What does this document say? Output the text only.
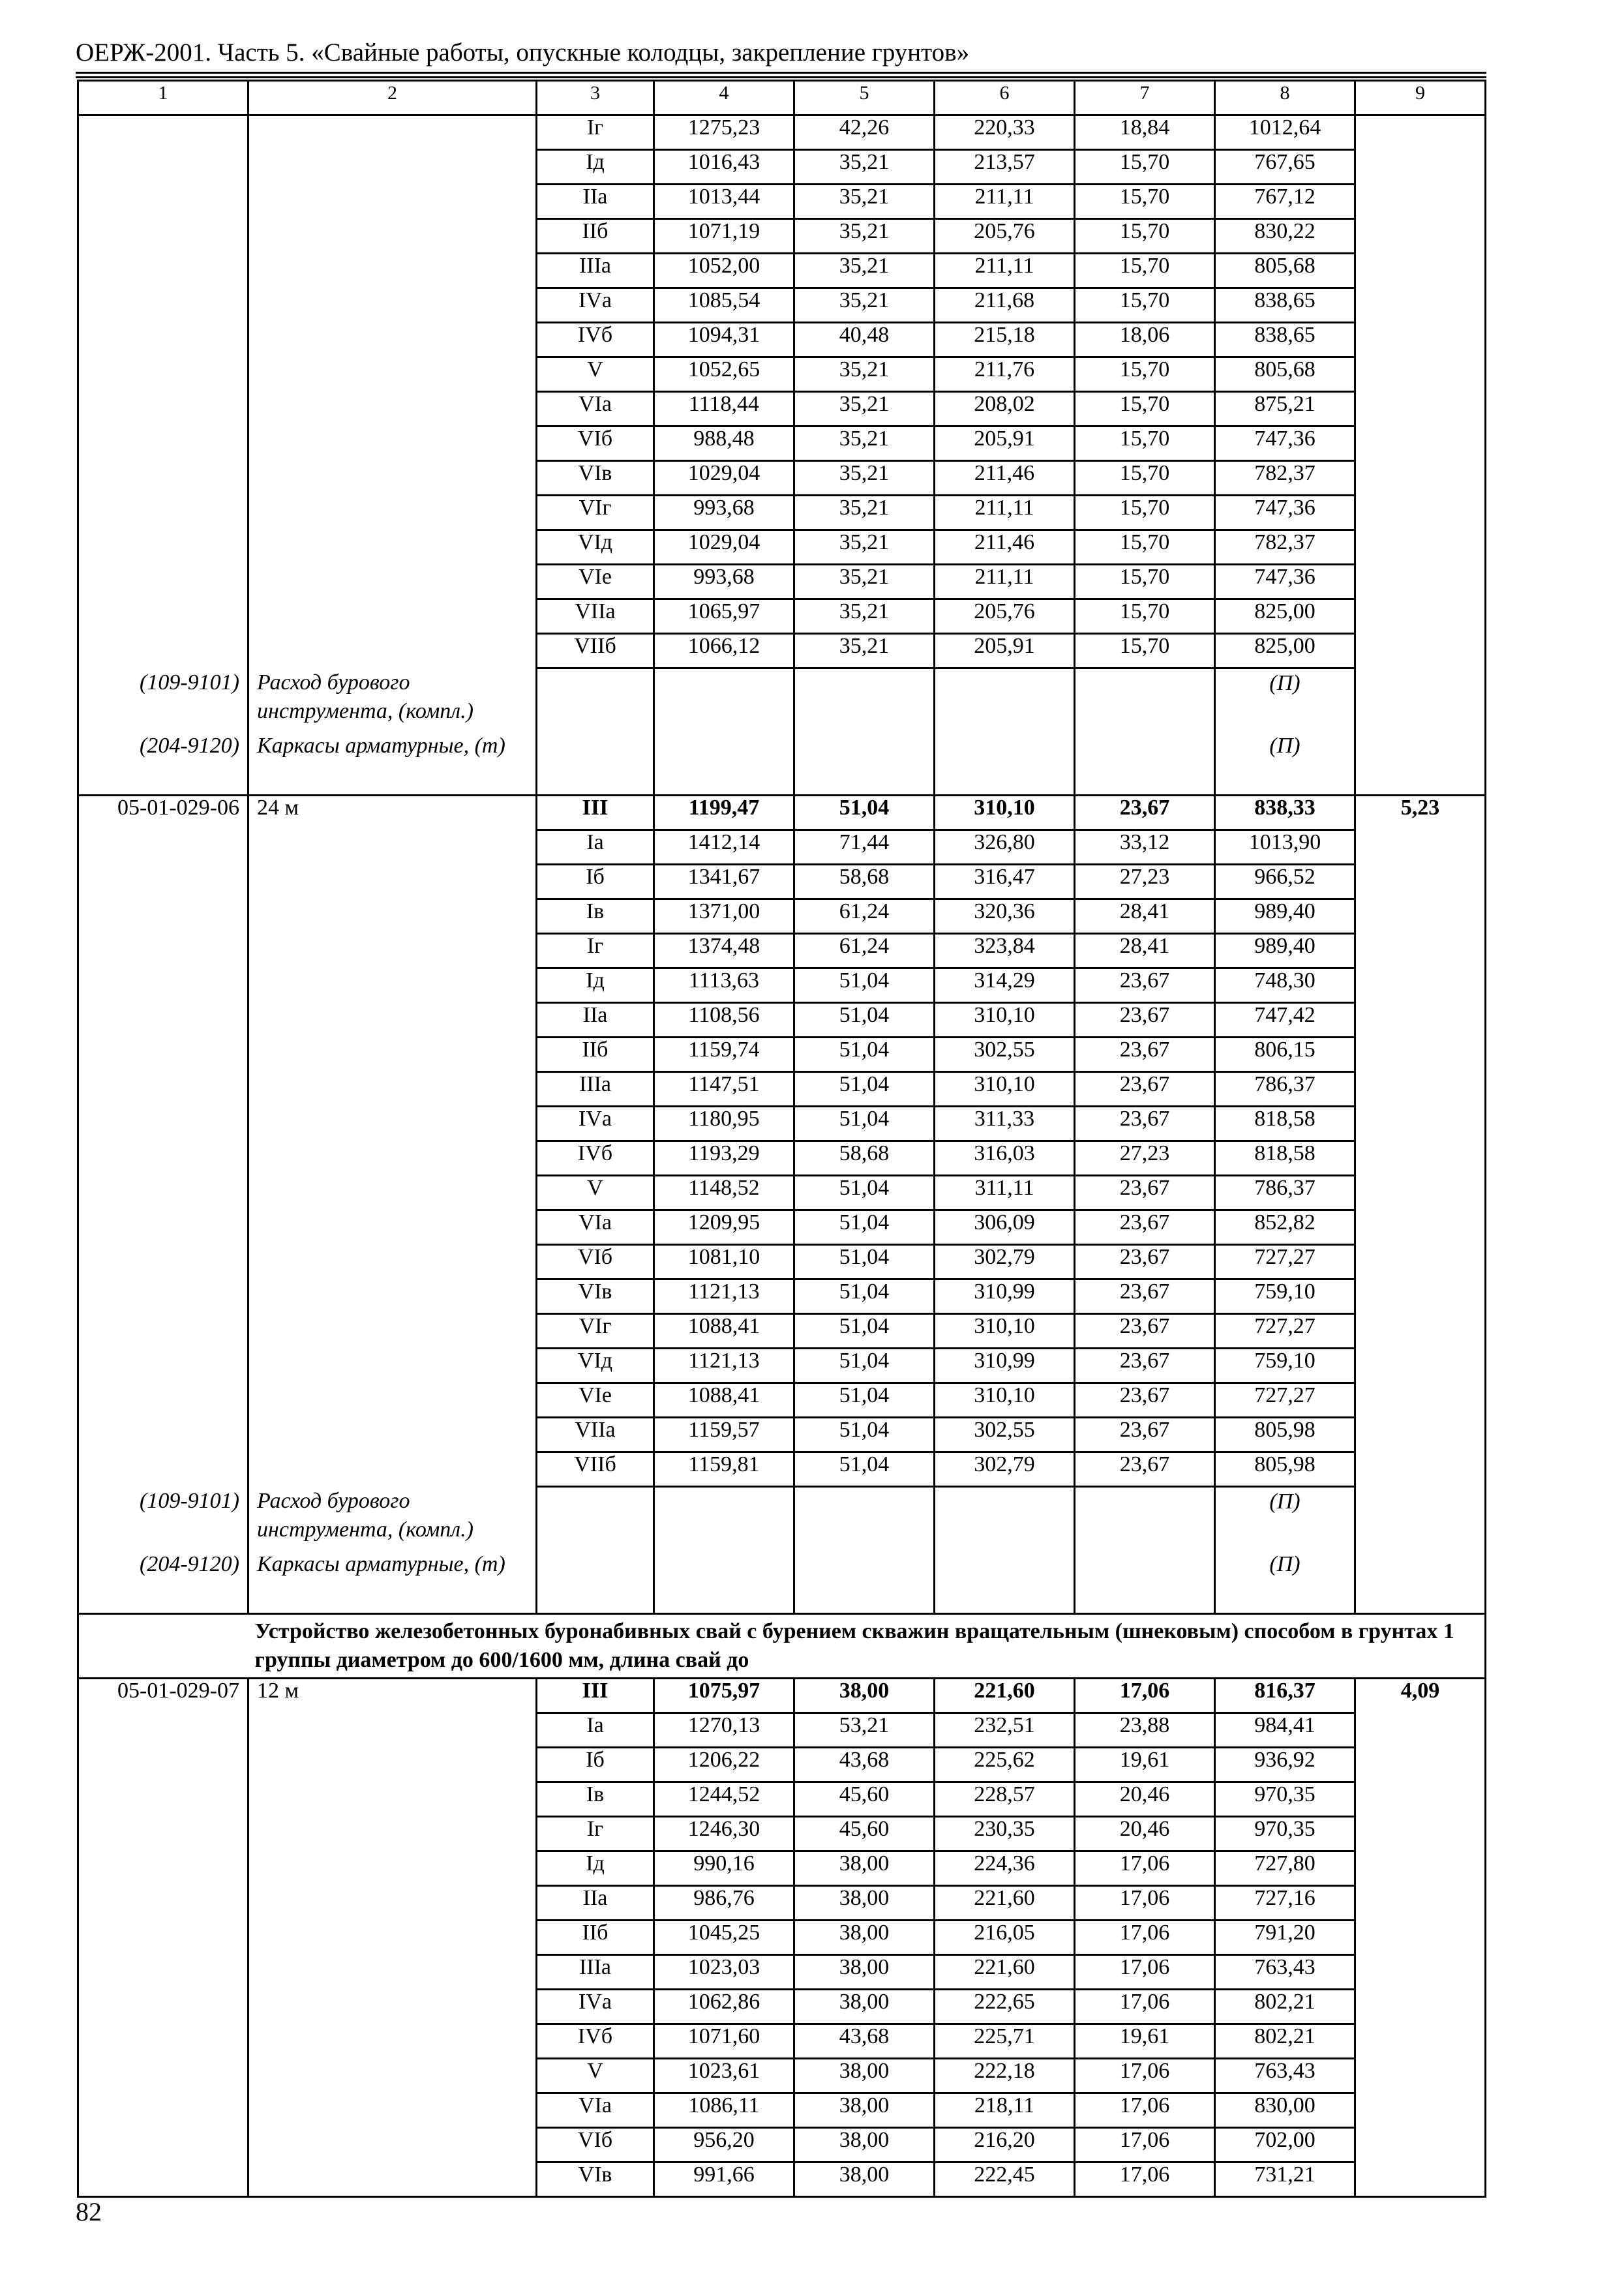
ОЕРЖ-2001. Часть 5. «Свайные работы, опускные колодцы, закрепление грунтов»
1	2	3	4	5	6	7	8	9
		Iг	1275,23	42,26	220,33	18,84	1012,64	
		Iд	1016,43	35,21	213,57	15,70	767,65	
		IIа	1013,44	35,21	211,11	15,70	767,12	
		IIб	1071,19	35,21	205,76	15,70	830,22	
		IIIа	1052,00	35,21	211,11	15,70	805,68	
		IVа	1085,54	35,21	211,68	15,70	838,65	
		IVб	1094,31	40,48	215,18	18,06	838,65	
		V	1052,65	35,21	211,76	15,70	805,68	
		VIа	1118,44	35,21	208,02	15,70	875,21	
		VIб	988,48	35,21	205,91	15,70	747,36	
		VIв	1029,04	35,21	211,46	15,70	782,37	
		VIг	993,68	35,21	211,11	15,70	747,36	
		VIд	1029,04	35,21	211,46	15,70	782,37	
		VIе	993,68	35,21	211,11	15,70	747,36	
		VIIа	1065,97	35,21	205,76	15,70	825,00	
		VIIб	1066,12	35,21	205,91	15,70	825,00	
(109-9101)	Расход бурового инструмента, (компл.)						(П)	
(204-9120)	Каркасы арматурные, (т)						(П)	
05-01-029-06	24 м	III	1199,47	51,04	310,10	23,67	838,33	5,23
		Iа	1412,14	71,44	326,80	33,12	1013,90	
		Iб	1341,67	58,68	316,47	27,23	966,52	
		Iв	1371,00	61,24	320,36	28,41	989,40	
		Iг	1374,48	61,24	323,84	28,41	989,40	
		Iд	1113,63	51,04	314,29	23,67	748,30	
		IIа	1108,56	51,04	310,10	23,67	747,42	
		IIб	1159,74	51,04	302,55	23,67	806,15	
		IIIа	1147,51	51,04	310,10	23,67	786,37	
		IVа	1180,95	51,04	311,33	23,67	818,58	
		IVб	1193,29	58,68	316,03	27,23	818,58	
		V	1148,52	51,04	311,11	23,67	786,37	
		VIа	1209,95	51,04	306,09	23,67	852,82	
		VIб	1081,10	51,04	302,79	23,67	727,27	
		VIв	1121,13	51,04	310,99	23,67	759,10	
		VIг	1088,41	51,04	310,10	23,67	727,27	
		VIд	1121,13	51,04	310,99	23,67	759,10	
		VIе	1088,41	51,04	310,10	23,67	727,27	
		VIIа	1159,57	51,04	302,55	23,67	805,98	
		VIIб	1159,81	51,04	302,79	23,67	805,98	
(109-9101)	Расход бурового инструмента, (компл.)						(П)	
(204-9120)	Каркасы арматурные, (т)						(П)	
	Устройство железобетонных буронабивных свай с бурением скважин вращательным (шнековым) способом в грунтах 1 группы диаметром до 600/1600 мм, длина свай до							
05-01-029-07	12 м	III	1075,97	38,00	221,60	17,06	816,37	4,09
		Iа	1270,13	53,21	232,51	23,88	984,41	
		Iб	1206,22	43,68	225,62	19,61	936,92	
		Iв	1244,52	45,60	228,57	20,46	970,35	
		Iг	1246,30	45,60	230,35	20,46	970,35	
		Iд	990,16	38,00	224,36	17,06	727,80	
		IIа	986,76	38,00	221,60	17,06	727,16	
		IIб	1045,25	38,00	216,05	17,06	791,20	
		IIIа	1023,03	38,00	221,60	17,06	763,43	
		IVа	1062,86	38,00	222,65	17,06	802,21	
		IVб	1071,60	43,68	225,71	19,61	802,21	
		V	1023,61	38,00	222,18	17,06	763,43	
		VIа	1086,11	38,00	218,11	17,06	830,00	
		VIб	956,20	38,00	216,20	17,06	702,00	
		VIв	991,66	38,00	222,45	17,06	731,21	
82
